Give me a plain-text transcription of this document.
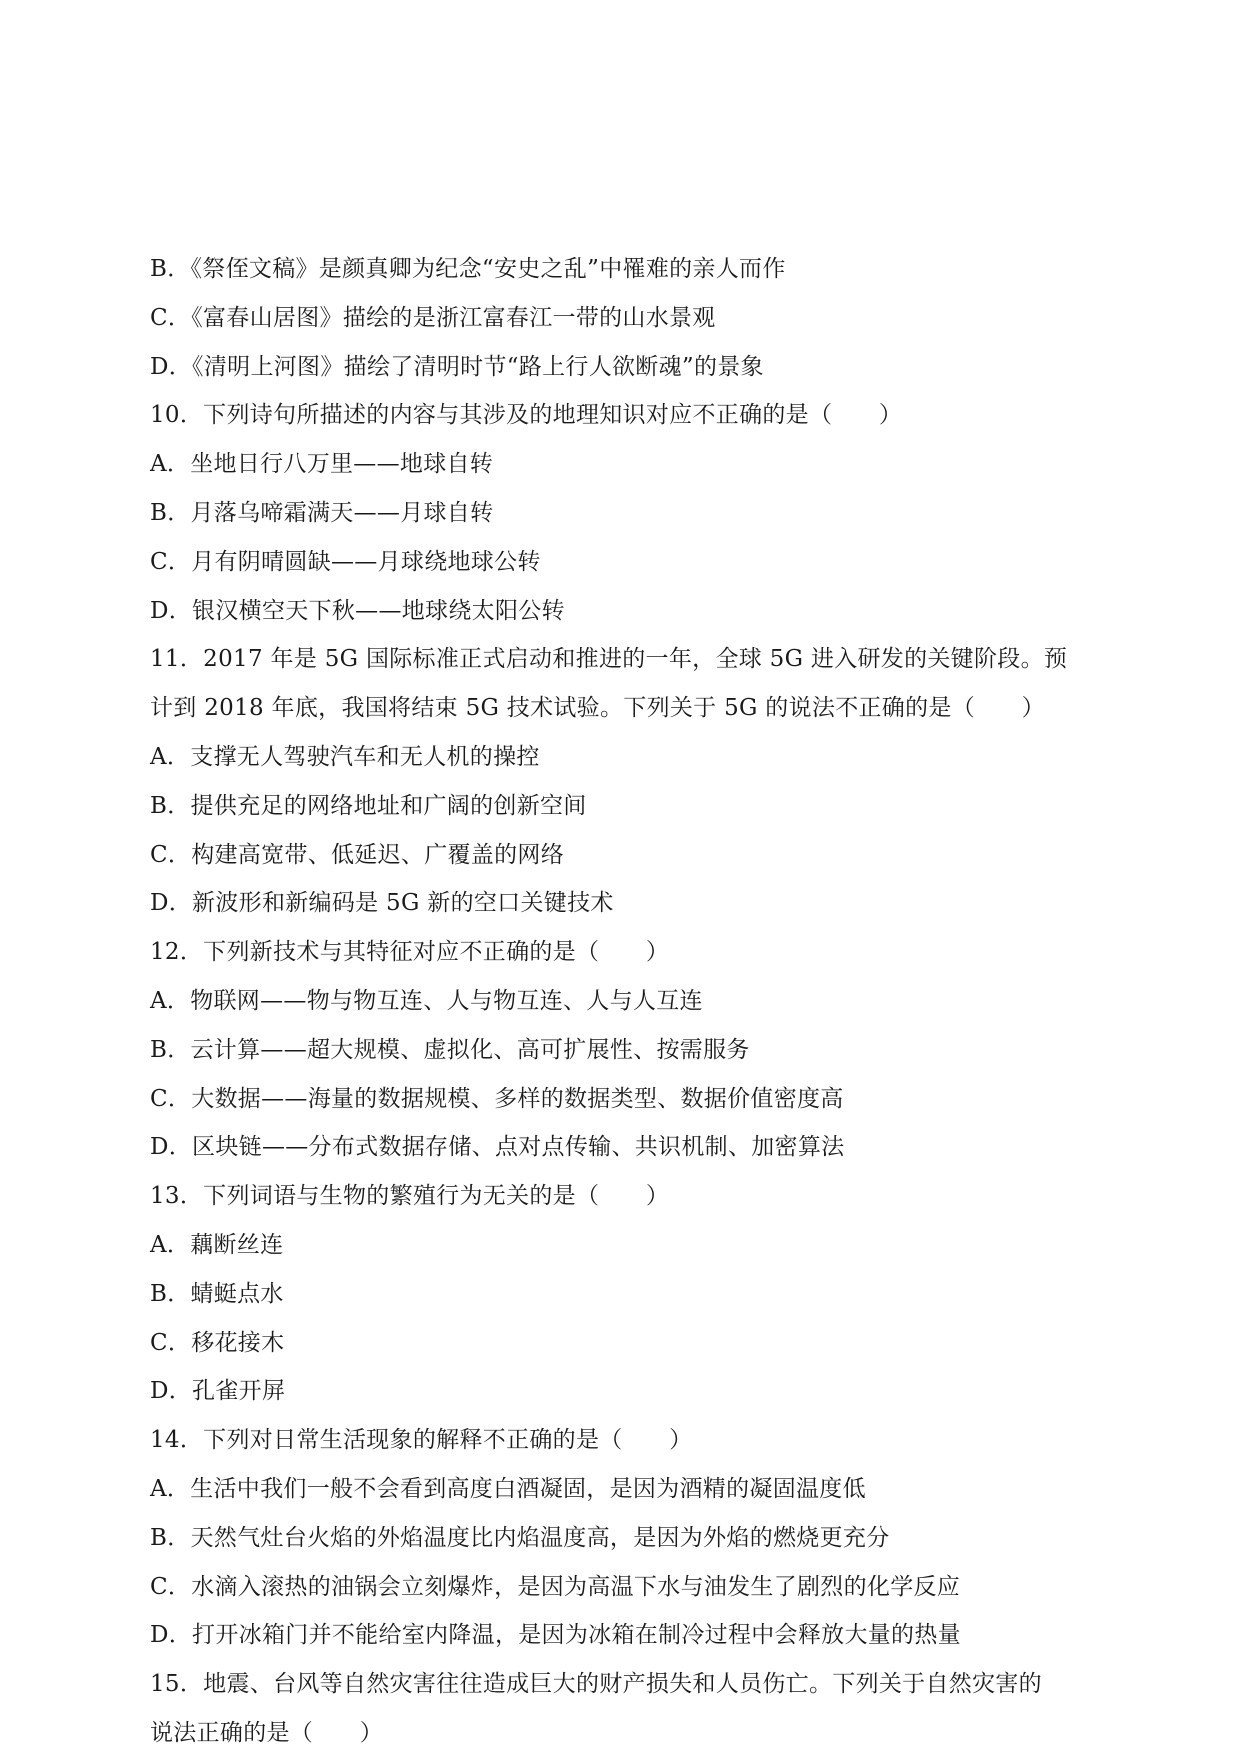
B．《祭侄文稿》是颜真卿为纪念“安史之乱”中罹难的亲人而作
C．《富春山居图》描绘的是浙江富春江一带的山水景观
D．《清明上河图》描绘了清明时节“路上行人欲断魂”的景象
10．下列诗句所描述的内容与其涉及的地理知识对应不正确的是（　　）
A．坐地日行八万里——地球自转
B．月落乌啼霜满天——月球自转
C．月有阴晴圆缺——月球绕地球公转
D．银汉横空天下秋——地球绕太阳公转
11．2017 年是 5G 国际标准正式启动和推进的一年，全球 5G 进入研发的关键阶段。预
计到 2018 年底，我国将结束 5G 技术试验。下列关于 5G 的说法不正确的是（　　）
A．支撑无人驾驶汽车和无人机的操控
B．提供充足的网络地址和广阔的创新空间
C．构建高宽带、低延迟、广覆盖的网络
D．新波形和新编码是 5G 新的空口关键技术
12．下列新技术与其特征对应不正确的是（　　）
A．物联网——物与物互连、人与物互连、人与人互连
B．云计算——超大规模、虚拟化、高可扩展性、按需服务
C．大数据——海量的数据规模、多样的数据类型、数据价值密度高
D．区块链——分布式数据存储、点对点传输、共识机制、加密算法
13．下列词语与生物的繁殖行为无关的是（　　）
A．藕断丝连
B．蜻蜓点水
C．移花接木
D．孔雀开屏
14．下列对日常生活现象的解释不正确的是（　　）
A．生活中我们一般不会看到高度白酒凝固，是因为酒精的凝固温度低
B．天然气灶台火焰的外焰温度比内焰温度高，是因为外焰的燃烧更充分
C．水滴入滚热的油锅会立刻爆炸，是因为高温下水与油发生了剧烈的化学反应
D．打开冰箱门并不能给室内降温，是因为冰箱在制冷过程中会释放大量的热量
15．地震、台风等自然灾害往往造成巨大的财产损失和人员伤亡。下列关于自然灾害的
说法正确的是（　　）
